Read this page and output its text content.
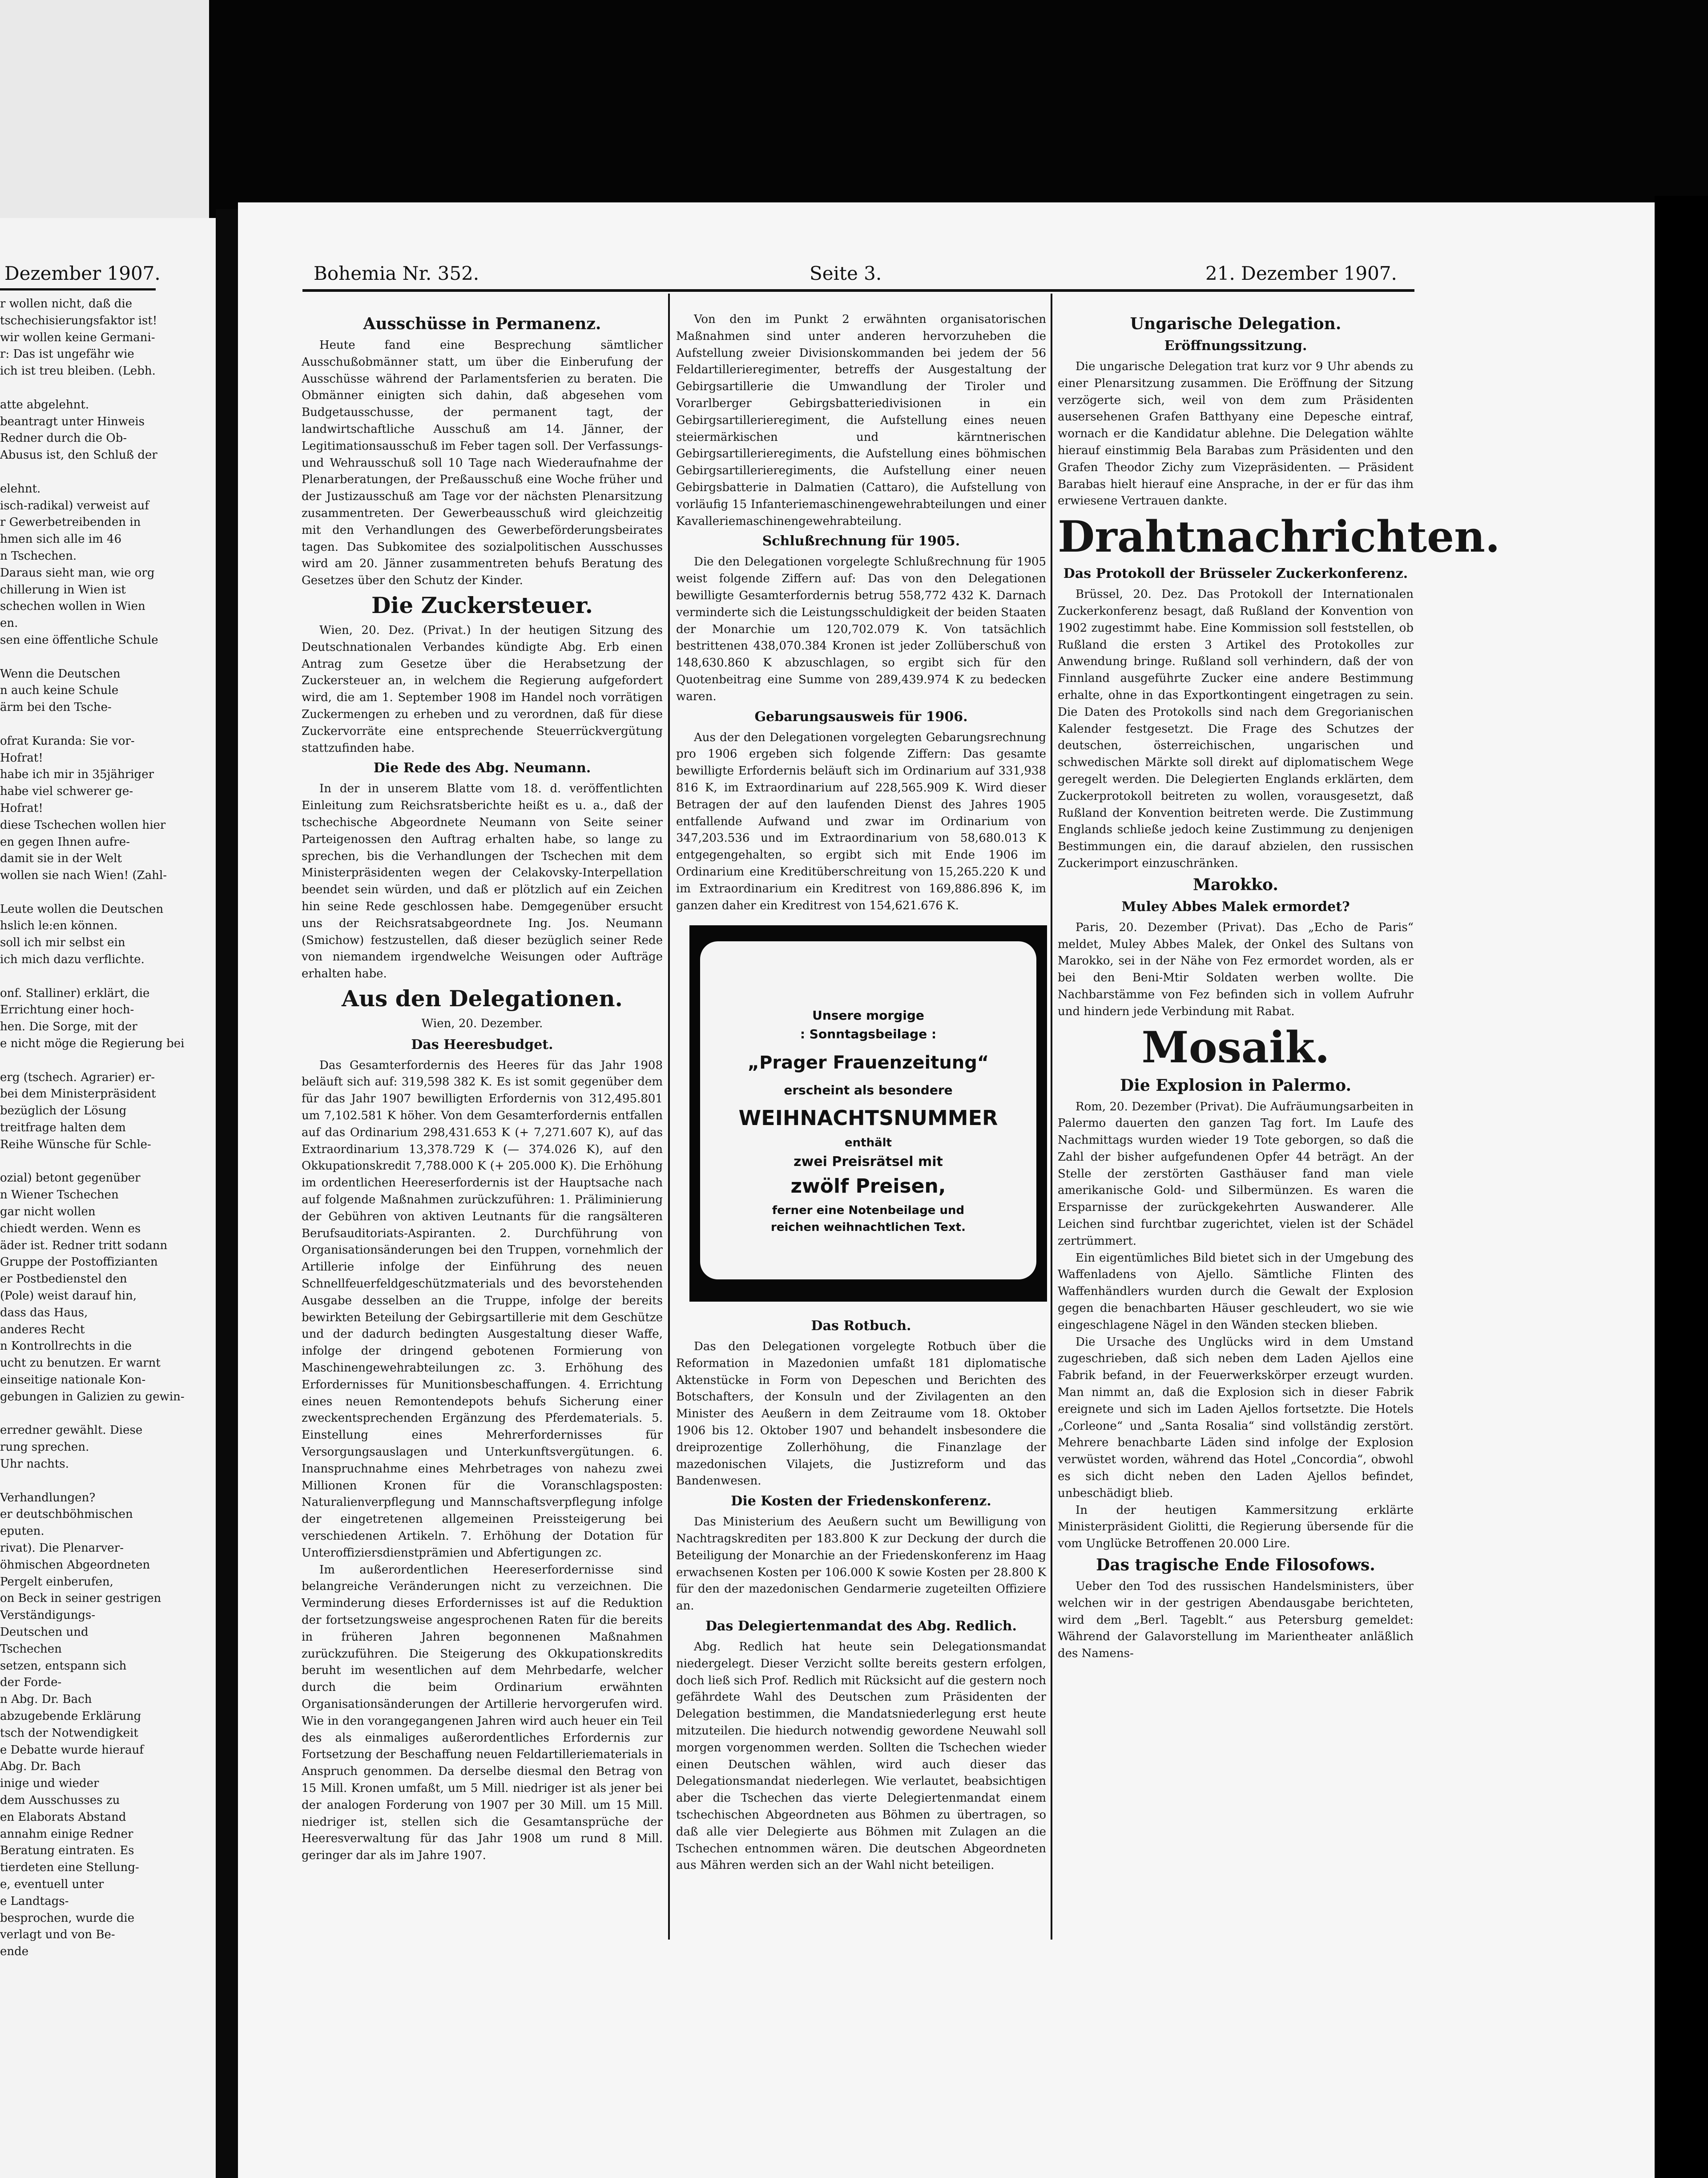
Dezember 1907.
r wollen nicht, daß die
tschechisierungsfaktor ist!
wir wollen keine Germani-
r: Das ist ungefähr wie
ich ist treu bleiben. (Lebh.
atte abgelehnt.
beantragt unter Hinweis
Redner durch die Ob-
Abusus ist, den Schluß der
elehnt.
isch-radikal) verweist auf
r Gewerbetreibenden in
hmen sich alle im 46
n Tschechen.
Daraus sieht man, wie org
chillerung in Wien ist
schechen wollen in Wien
en.
sen eine öffentliche Schule
Wenn die Deutschen
n auch keine Schule
ärm bei den Tsche-
ofrat Kuranda: Sie vor-
Hofrat!
habe ich mir in 35jähriger
habe viel schwerer ge-
Hofrat!
diese Tschechen wollen hier
en gegen Ihnen aufre-
damit sie in der Welt
wollen sie nach Wien! (Zahl-
Leute wollen die Deutschen
hslich le:en können.
soll ich mir selbst ein
ich mich dazu verflichte.
onf. Stalliner) erklärt, die
Errichtung einer hoch-
hen. Die Sorge, mit der
e nicht möge die Regierung bei
erg (tschech. Agrarier) er-
bei dem Ministerpräsident
bezüglich der Lösung
treitfrage halten dem
Reihe Wünsche für Schle-
ozial) betont gegenüber
n Wiener Tschechen
gar nicht wollen
chiedt werden. Wenn es
äder ist. Redner tritt sodann
Gruppe der Postoffizianten
er Postbedienstel den
(Pole) weist darauf hin,
dass das Haus,
anderes Recht
n Kontrollrechts in die
ucht zu benutzen. Er warnt
einseitige nationale Kon-
gebungen in Galizien zu gewin-
erredner gewählt. Diese
rung sprechen.
Uhr nachts.
Verhandlungen?
er deutschböhmischen
eputen.
rivat). Die Plenarver-
öhmischen Abgeordneten
Pergelt einberufen,
on Beck in seiner gestrigen
Verständigungs-
Deutschen und
Tschechen
setzen, entspann sich
der Forde-
n Abg. Dr. Bach
abzugebende Erklärung
tsch der Notwendigkeit
e Debatte wurde hierauf
Abg. Dr. Bach
inige und wieder
dem Ausschusses zu
en Elaborats Abstand
annahm einige Redner
Beratung eintraten. Es
tierdeten eine Stellung-
e, eventuell unter
e Landtags-
besprochen, wurde die
verlagt und von Be-
ende
Bohemia Nr. 352.	Seite 3.	21. Dezember 1907.
Ausschüsse in Permanenz.

Heute fand eine Besprechung sämtlicher Ausschußobmänner statt, um über die Einberufung der Ausschüsse während der Parlamentsferien zu beraten. Die Obmänner einigten sich dahin, daß abgesehen vom Budgetausschusse, der permanent tagt, der landwirtschaftliche Ausschuß am 14. Jänner, der Legitimationsausschuß im Feber tagen soll. Der Verfassungs- und Wehrausschuß soll 10 Tage nach Wiederaufnahme der Plenarberatungen, der Preßausschuß eine Woche früher und der Justizausschuß am Tage vor der nächsten Plenarsitzung zusammentreten. Der Gewerbeausschuß wird gleichzeitig mit den Verhandlungen des Gewerbeförderungsbeirates tagen. Das Subkomitee des sozialpolitischen Ausschusses wird am 20. Jänner zusammentreten behufs Beratung des Gesetzes über den Schutz der Kinder.

Die Zuckersteuer.

Wien, 20. Dez. (Privat.) In der heutigen Sitzung des Deutschnationalen Verbandes kündigte Abg. Erb einen Antrag zum Gesetze über die Herabsetzung der Zuckersteuer an, in welchem die Regierung aufgefordert wird, die am 1. September 1908 im Handel noch vorrätigen Zuckermengen zu erheben und zu verordnen, daß für diese Zuckervorräte eine entsprechende Steuerrückvergütung stattzufinden habe.

Die Rede des Abg. Neumann.

In der in unserem Blatte vom 18. d. veröffentlichten Einleitung zum Reichsratsberichte heißt es u. a., daß der tschechische Abgeordnete Neumann von Seite seiner Parteigenossen den Auftrag erhalten habe, so lange zu sprechen, bis die Verhandlungen der Tschechen mit dem Ministerpräsidenten wegen der Celakovsky-Interpellation beendet sein würden, und daß er plötzlich auf ein Zeichen hin seine Rede geschlossen habe. Demgegenüber ersucht uns der Reichsratsabgeordnete Ing. Jos. Neumann (Smichow) festzustellen, daß dieser bezüglich seiner Rede von niemandem irgendwelche Weisungen oder Aufträge erhalten habe.

Aus den Delegationen.
Wien, 20. Dezember.
Das Heeresbudget.

Das Gesamterfordernis des Heeres für das Jahr 1908 beläuft sich auf: 319,598 382 K. Es ist somit gegenüber dem für das Jahr 1907 bewilligten Erfordernis von 312,495.801 um 7,102.581 K höher. Von dem Gesamterfordernis entfallen auf das Ordinarium 298,431.653 K (+ 7,271.607 K), auf das Extraordinarium 13,378.729 K (— 374.026 K), auf den Okkupationskredit 7,788.000 K (+ 205.000 K). Die Erhöhung im ordentlichen Heereserfordernis ist der Hauptsache nach auf folgende Maßnahmen zurückzuführen: 1. Präliminierung der Gebühren von aktiven Leutnants für die rangsälteren Berufsauditoriats-Aspiranten. 2. Durchführung von Organisationsänderungen bei den Truppen, vornehmlich der Artillerie infolge der Einführung des neuen Schnellfeuerfeldgeschützmaterials und des bevorstehenden Ausgabe desselben an die Truppe, infolge der bereits bewirkten Beteilung der Gebirgsartillerie mit dem Geschütze und der dadurch bedingten Ausgestaltung dieser Waffe, infolge der dringend gebotenen Formierung von Maschinengewehrabteilungen zc. 3. Erhöhung des Erfordernisses für Munitionsbeschaffungen. 4. Errichtung eines neuen Remontendepots behufs Sicherung einer zweckentsprechenden Ergänzung des Pferdematerials. 5. Einstellung eines Mehrerfordernisses für Versorgungsauslagen und Unterkunftsvergütungen. 6. Inanspruchnahme eines Mehrbetrages von nahezu zwei Millionen Kronen für die Voranschlagsposten: Naturalienverpflegung und Mannschaftsverpflegung infolge der eingetretenen allgemeinen Preissteigerung bei verschiedenen Artikeln. 7. Erhöhung der Dotation für Unteroffiziersdienstprämien und Abfertigungen zc.

Im außerordentlichen Heereserfordernisse sind belangreiche Veränderungen nicht zu verzeichnen. Die Verminderung dieses Erfordernisses ist auf die Reduktion der fortsetzungsweise angesprochenen Raten für die bereits in früheren Jahren begonnenen Maßnahmen zurückzuführen. Die Steigerung des Okkupationskredits beruht im wesentlichen auf dem Mehrbedarfe, welcher durch die beim Ordinarium erwähnten Organisationsänderungen der Artillerie hervorgerufen wird. Wie in den vorangegangenen Jahren wird auch heuer ein Teil des als einmaliges außerordentliches Erfordernis zur Fortsetzung der Beschaffung neuen Feldartilleriematerials in Anspruch genommen. Da derselbe diesmal den Betrag von 15 Mill. Kronen umfaßt, um 5 Mill. niedriger ist als jener bei der analogen Forderung von 1907 per 30 Mill. um 15 Mill. niedriger ist, stellen sich die Gesamtansprüche der Heeresverwaltung für das Jahr 1908 um rund 8 Mill. geringer dar als im Jahre 1907.

Von den im Punkt 2 erwähnten organisatorischen Maßnahmen sind unter anderen hervorzuheben die Aufstellung zweier Divisionskommanden bei jedem der 56 Feldartillerieregimenter, betreffs der Ausgestaltung der Gebirgsartillerie die Umwandlung der Tiroler und Vorarlberger Gebirgsbatteriedivisionen in ein Gebirgsartillerieregiment, die Aufstellung eines neuen steiermärkischen und kärntnerischen Gebirgsartillerieregiments, die Aufstellung eines böhmischen Gebirgsartillerieregiments, die Aufstellung einer neuen Gebirgsbatterie in Dalmatien (Cattaro), die Aufstellung von vorläufig 15 Infanteriemaschinengewehrabteilungen und einer Kavalleriemaschinengewehrabteilung.

Schlußrechnung für 1905.

Die den Delegationen vorgelegte Schlußrechnung für 1905 weist folgende Ziffern auf: Das von den Delegationen bewilligte Gesamterfordernis betrug 558,772 432 K. Darnach verminderte sich die Leistungsschuldigkeit der beiden Staaten der Monarchie um 120,702.079 K. Von tatsächlich bestrittenen 438,070.384 Kronen ist jeder Zollüberschuß von 148,630.860 K abzuschlagen, so ergibt sich für den Quotenbeitrag eine Summe von 289,439.974 K zu bedecken waren.

Gebarungsausweis für 1906.

Aus der den Delegationen vorgelegten Gebarungsrechnung pro 1906 ergeben sich folgende Ziffern: Das gesamte bewilligte Erfordernis beläuft sich im Ordinarium auf 331,938 816 K, im Extraordinarium auf 228,565.909 K. Wird dieser Betragen der auf den laufenden Dienst des Jahres 1905 entfallende Aufwand und zwar im Ordinarium von 347,203.536 und im Extraordinarium von 58,680.013 K entgegengehalten, so ergibt sich mit Ende 1906 im Ordinarium eine Kreditüberschreitung von 15,265.220 K und im Extraordinarium ein Kreditrest von 169,886.896 K, im ganzen daher ein Kreditrest von 154,621.676 K.

Unsere morgige
: Sonntagsbeilage :
„Prager Frauenzeitung“
erscheint als besondere
WEIHNACHTSNUMMER
enthält
zwei Preisrätsel mit
zwölf Preisen,
ferner eine Notenbeilage und
reichen weihnachtlichen Text.
Das Rotbuch.

Das den Delegationen vorgelegte Rotbuch über die Reformation in Mazedonien umfaßt 181 diplomatische Aktenstücke in Form von Depeschen und Berichten des Botschafters, der Konsuln und der Zivilagenten an den Minister des Aeußern in dem Zeitraume vom 18. Oktober 1906 bis 12. Oktober 1907 und behandelt insbesondere die dreiprozentige Zollerhöhung, die Finanzlage der mazedonischen Vilajets, die Justizreform und das Bandenwesen.

Die Kosten der Friedenskonferenz.

Das Ministerium des Aeußern sucht um Bewilligung von Nachtragskrediten per 183.800 K zur Deckung der durch die Beteiligung der Monarchie an der Friedenskonferenz im Haag erwachsenen Kosten per 106.000 K sowie Kosten per 28.800 K für den der mazedonischen Gendarmerie zugeteilten Offiziere an.

Das Delegiertenmandat des Abg. Redlich.

Abg. Redlich hat heute sein Delegationsmandat niedergelegt. Dieser Verzicht sollte bereits gestern erfolgen, doch ließ sich Prof. Redlich mit Rücksicht auf die gestern noch gefährdete Wahl des Deutschen zum Präsidenten der Delegation bestimmen, die Mandatsniederlegung erst heute mitzuteilen. Die hiedurch notwendig gewordene Neuwahl soll morgen vorgenommen werden. Sollten die Tschechen wieder einen Deutschen wählen, wird auch dieser das Delegationsmandat niederlegen. Wie verlautet, beabsichtigen aber die Tschechen das vierte Delegiertenmandat einem tschechischen Abgeordneten aus Böhmen zu übertragen, so daß alle vier Delegierte aus Böhmen mit Zulagen an die Tschechen entnommen wären. Die deutschen Abgeordneten aus Mähren werden sich an der Wahl nicht beteiligen.

Ungarische Delegation.
Eröffnungssitzung.

Die ungarische Delegation trat kurz vor 9 Uhr abends zu einer Plenarsitzung zusammen. Die Eröffnung der Sitzung verzögerte sich, weil von dem zum Präsidenten ausersehenen Grafen Batthyany eine Depesche eintraf, wornach er die Kandidatur ablehne. Die Delegation wählte hierauf einstimmig Bela Barabas zum Präsidenten und den Grafen Theodor Zichy zum Vizepräsidenten. — Präsident Barabas hielt hierauf eine Ansprache, in der er für das ihm erwiesene Vertrauen dankte.

Drahtnachrichten.
Das Protokoll der Brüsseler Zuckerkonferenz.

Brüssel, 20. Dez. Das Protokoll der Internationalen Zuckerkonferenz besagt, daß Rußland der Konvention von 1902 zugestimmt habe. Eine Kommission soll feststellen, ob Rußland die ersten 3 Artikel des Protokolles zur Anwendung bringe. Rußland soll verhindern, daß der von Finnland ausgeführte Zucker eine andere Bestimmung erhalte, ohne in das Exportkontingent eingetragen zu sein. Die Daten des Protokolls sind nach dem Gregorianischen Kalender festgesetzt. Die Frage des Schutzes der deutschen, österreichischen, ungarischen und schwedischen Märkte soll direkt auf diplomatischem Wege geregelt werden. Die Delegierten Englands erklärten, dem Zuckerprotokoll beitreten zu wollen, vorausgesetzt, daß Rußland der Konvention beitreten werde. Die Zustimmung Englands schließe jedoch keine Zustimmung zu denjenigen Bestimmungen ein, die darauf abzielen, den russischen Zuckerimport einzuschränken.

Marokko.
Muley Abbes Malek ermordet?

Paris, 20. Dezember (Privat). Das „Echo de Paris“ meldet, Muley Abbes Malek, der Onkel des Sultans von Marokko, sei in der Nähe von Fez ermordet worden, als er bei den Beni-Mtir Soldaten werben wollte. Die Nachbarstämme von Fez befinden sich in vollem Aufruhr und hindern jede Verbindung mit Rabat.

Mosaik.
Die Explosion in Palermo.

Rom, 20. Dezember (Privat). Die Aufräumungsarbeiten in Palermo dauerten den ganzen Tag fort. Im Laufe des Nachmittags wurden wieder 19 Tote geborgen, so daß die Zahl der bisher aufgefundenen Opfer 44 beträgt. An der Stelle der zerstörten Gasthäuser fand man viele amerikanische Gold- und Silbermünzen. Es waren die Ersparnisse der zurückgekehrten Auswanderer. Alle Leichen sind furchtbar zugerichtet, vielen ist der Schädel zertrümmert.

Ein eigentümliches Bild bietet sich in der Umgebung des Waffenladens von Ajello. Sämtliche Flinten des Waffenhändlers wurden durch die Gewalt der Explosion gegen die benachbarten Häuser geschleudert, wo sie wie eingeschlagene Nägel in den Wänden stecken blieben.

Die Ursache des Unglücks wird in dem Umstand zugeschrieben, daß sich neben dem Laden Ajellos eine Fabrik befand, in der Feuerwerkskörper erzeugt wurden. Man nimmt an, daß die Explosion sich in dieser Fabrik ereignete und sich im Laden Ajellos fortsetzte. Die Hotels „Corleone“ und „Santa Rosalia“ sind vollständig zerstört. Mehrere benachbarte Läden sind infolge der Explosion verwüstet worden, während das Hotel „Concordia“, obwohl es sich dicht neben den Laden Ajellos befindet, unbeschädigt blieb.

In der heutigen Kammersitzung erklärte Ministerpräsident Giolitti, die Regierung übersende für die vom Unglücke Betroffenen 20.000 Lire.

Das tragische Ende Filosofows.

Ueber den Tod des russischen Handelsministers, über welchen wir in der gestrigen Abendausgabe berichteten, wird dem „Berl. Tageblt.“ aus Petersburg gemeldet: Während der Galavorstellung im Marientheater anläßlich des Namens-
